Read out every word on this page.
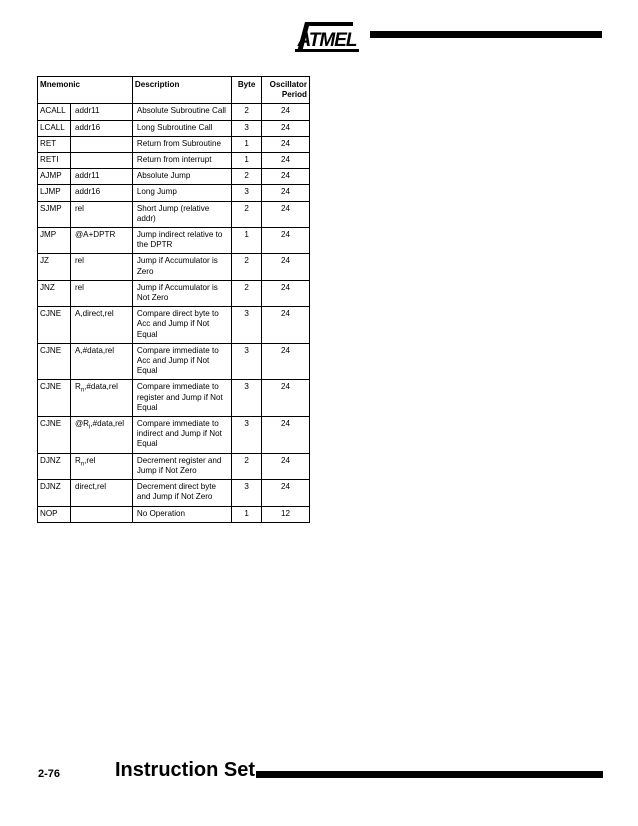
ATMEL
Mnemonic		Description	Byte	Oscillator
Period
ACALL	addr11	Absolute Subroutine Call	2	24
LCALL	addr16	Long Subroutine Call	3	24
RET		Return from Subroutine	1	24
RETI		Return from interrupt	1	24
AJMP	addr11	Absolute Jump	2	24
LJMP	addr16	Long Jump	3	24
SJMP	rel	Short Jump (relative addr)	2	24
JMP	@A+DPTR	Jump indirect relative to the DPTR	1	24
JZ	rel	Jump if Accumulator is Zero	2	24
JNZ	rel	Jump if Accumulator is Not Zero	2	24
CJNE	A,direct,rel	Compare direct byte to Acc and Jump if Not Equal	3	24
CJNE	A,#data,rel	Compare immediate to Acc and Jump if Not Equal	3	24
CJNE	$R_n,\#data,rel$	Compare immediate to register and Jump if Not Equal	3	24
CJNE	$@R_i,\#data,rel$	Compare immediate to indirect and Jump if Not Equal	3	24
DJNZ	$R_n,rel$	Decrement register and Jump if Not Zero	2	24
DJNZ	direct,rel	Decrement direct byte and Jump if Not Zero	3	24
NOP		No Operation	1	12
2-76	Instruction Set
